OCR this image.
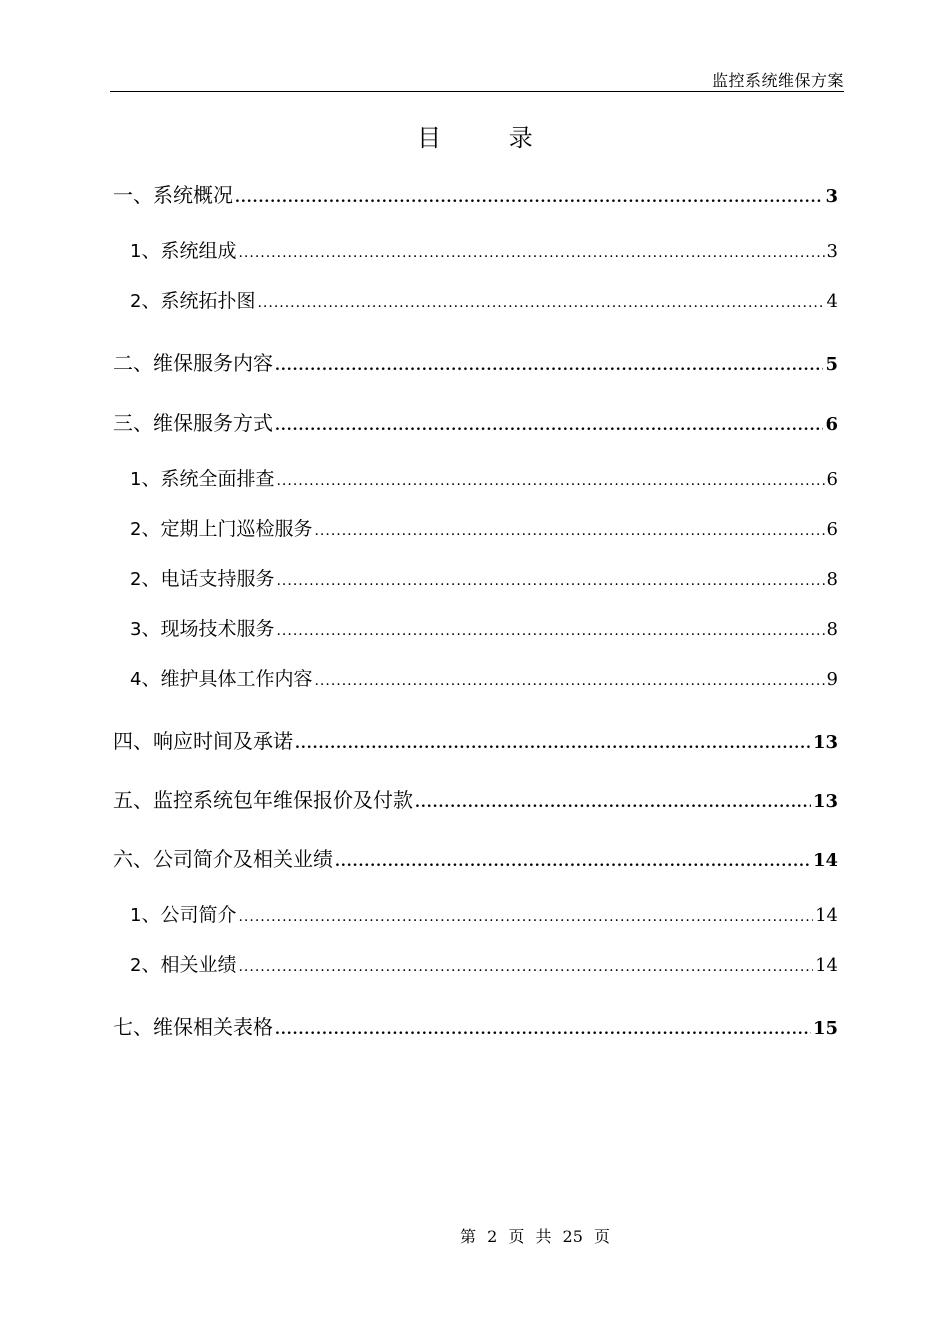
监控系统维保方案
目 录
一、系统概况 .....	3
1 、系统组成 .....	3
2 、系统拓扑图 .....	4
二、维保服务内容 .....	5
三、维保服务方式 .....	6
1 、系统全面排查 .....	6
2 、定期上门巡检服务 .....	6
2 、电话支持服务 .....	8
3 、现场技术服务 .....	8
4 、维护具体工作内容 .....	9
四、响应时间及承诺 .....	13
五、监控系统包年维保报价及付款 .....	13
六、公司简介及相关业绩 .....	14
1 、公司简介 .....	14
2 、相关业绩 .....	14
七、维保相关表格 .....	15
第 2 页 共 25 页
